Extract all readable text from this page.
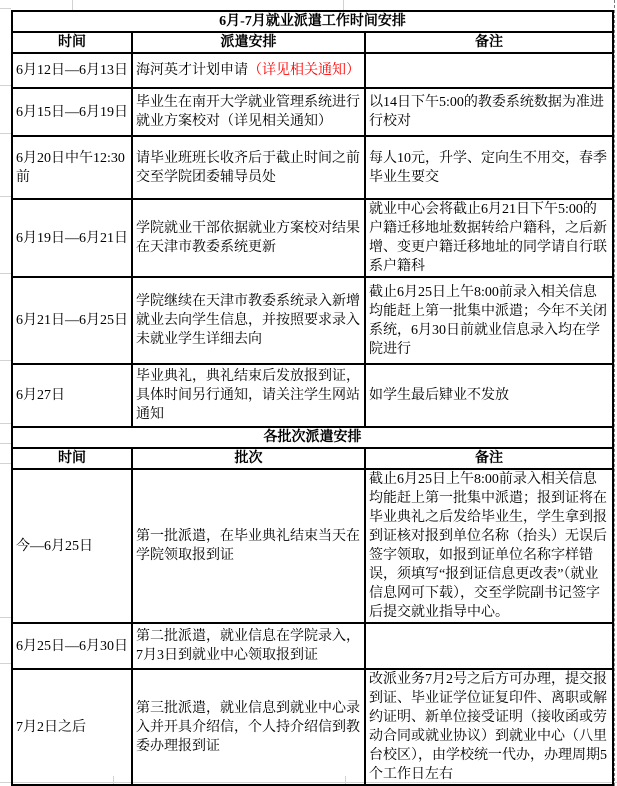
6月-7月就业派遣工作时间安排		
时间	派遣安排	备注
6月12日—6月13日	海河英才计划申请（详见相关通知）	
6月15日—6月19日	毕业生在南开大学就业管理系统进行就业方案校对（详见相关通知）	以14日下午5:00的教委系统数据为准进行校对
6月20日中午12:30前	请毕业班班长收齐后于截止时间之前交至学院团委辅导员处	每人10元，升学、定向生不用交，春季毕业生要交
6月19日—6月21日	学院就业干部依据就业方案校对结果在天津市教委系统更新	就业中心会将截止6月21日下午5:00的户籍迁移地址数据转给户籍科，之后新增、变更户籍迁移地址的同学请自行联系户籍科
6月21日—6月25日	学院继续在天津市教委系统录入新增就业去向学生信息，并按照要求录入未就业学生详细去向	截止6月25日上午8:00前录入相关信息均能赶上第一批集中派遣；今年不关闭系统，6月30日前就业信息录入均在学院进行
6月27日	毕业典礼，典礼结束后发放报到证，具体时间另行通知，请关注学生网站通知	如学生最后肄业不发放
各批次派遣安排		
时间	批次	备注
今—6月25日	第一批派遣，在毕业典礼结束当天在学院领取报到证	截止6月25日上午8:00前录入相关信息均能赶上第一批集中派遣；报到证将在毕业典礼之后发给毕业生，学生拿到报到证核对报到单位名称（抬头）无误后签字领取，如报到证单位名称字样错误，须填写“报到证信息更改表”（就业信息网可下载），交至学院副书记签字后提交就业指导中心。
6月25日—6月30日	第二批派遣，就业信息在学院录入，7月3日到就业中心领取报到证	
7月2日之后	第三批派遣，就业信息到就业中心录入并开具介绍信，个人持介绍信到教委办理报到证	改派业务7月2号之后方可办理，提交报到证、毕业证学位证复印件、离职或解约证明、新单位接受证明（接收函或劳动合同或就业协议）到就业中心（八里台校区），由学校统一代办，办理周期5个工作日左右
